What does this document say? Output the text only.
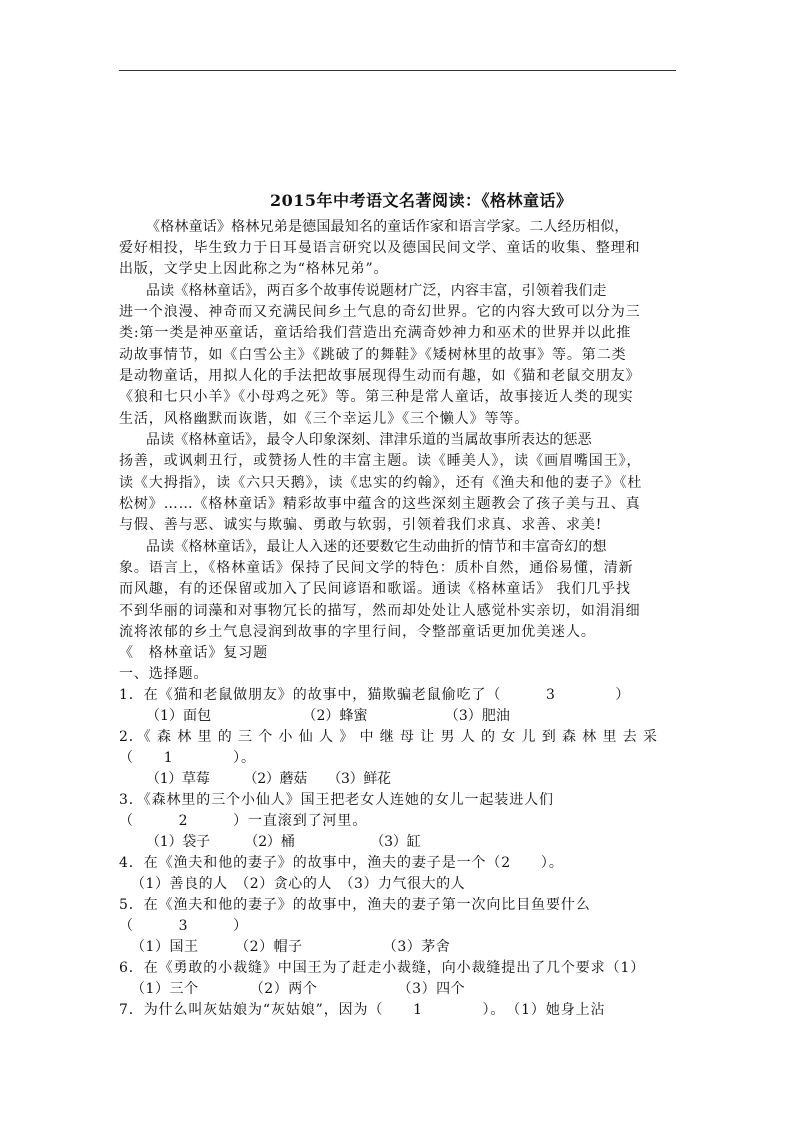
2015年中考语文名著阅读：《格林童话》
《格林童话》格林兄弟是德国最知名的童话作家和语言学家。二人经历相似，
爱好相投，毕生致力于日耳曼语言研究以及德国民间文学、童话的收集、整理和
出版，文学史上因此称之为“格林兄弟”。
品读《格林童话》，两百多个故事传说题材广泛，内容丰富，引领着我们走
进一个浪漫、神奇而又充满民间乡土气息的奇幻世界。它的内容大致可以分为三
类:第一类是神巫童话，童话给我们营造出充满奇妙神力和巫术的世界并以此推
动故事情节，如《白雪公主》《跳破了的舞鞋》《矮树林里的故事》等。第二类
是动物童话，用拟人化的手法把故事展现得生动而有趣，如《猫和老鼠交朋友》
《狼和七只小羊》《小母鸡之死》等。第三种是常人童话，故事接近人类的现实
生活，风格幽默而诙谐，如《三个幸运儿》《三个懒人》等等。
品读《格林童话》，最令人印象深刻、津津乐道的当属故事所表达的惩恶
扬善，或讽刺丑行，或赞扬人性的丰富主题。读《睡美人》，读《画眉嘴国王》，
读《大拇指》，读《六只天鹅》，读《忠实的约翰》，还有《渔夫和他的妻子》《杜
松树》……《格林童话》精彩故事中蕴含的这些深刻主题教会了孩子美与丑、真
与假、善与恶、诚实与欺骗、勇敢与软弱，引领着我们求真、求善、求美!
品读《格林童话》，最让人入迷的还要数它生动曲折的情节和丰富奇幻的想
象。语言上，《格林童话》保持了民间文学的特色：质朴自然，通俗易懂，清新
而风趣，有的还保留或加入了民间谚语和歌谣。通读《格林童话》 我们几乎找
不到华丽的词藻和对事物冗长的描写，然而却处处让人感觉朴实亲切，如涓涓细
流将浓郁的乡土气息浸润到故事的字里行间，令整部童话更加优美迷人。
《　格林童话》复习题
一、选择题。
1．在《猫和老鼠做朋友》的故事中，猫欺骗老鼠偷吃了（　　　3　　　　）
（1）面包　　　　　　　（2）蜂蜜　　　　　　（3）肥油
2．《 森 林 里 的 三 个 小 仙 人 》 中 继 母 让 男 人 的 女 儿 到 森 林 里 去 采
（　　1　　　　）。
（1）草莓　　　（2）蘑菇　　（3）鲜花
3．《森林里的三个小仙人》国王把老女人连她的女儿一起装进人们
（　　　2　　　）一直滚到了河里。
（1）袋子　　　（2）桶　　　　　　（3）缸
4．在《渔夫和他的妻子》的故事中，渔夫的妻子是一个（2　　）。
（1）善良的人　（2）贪心的人　（3）力气很大的人
5．在《渔夫和他的妻子》的故事中，渔夫的妻子第一次向比目鱼要什么
（　　　3　　　）
（1）国王　　　（2）帽子　　　　　　（3）茅舍
6．在《勇敢的小裁缝》中国王为了赶走小裁缝，向小裁缝提出了几个要求（1）
（1）三个　　　　（2）两个　　　　　　（3）四个
7．为什么叫灰姑娘为“灰姑娘”，因为（　　1　　　　）。　（1）她身上沾
